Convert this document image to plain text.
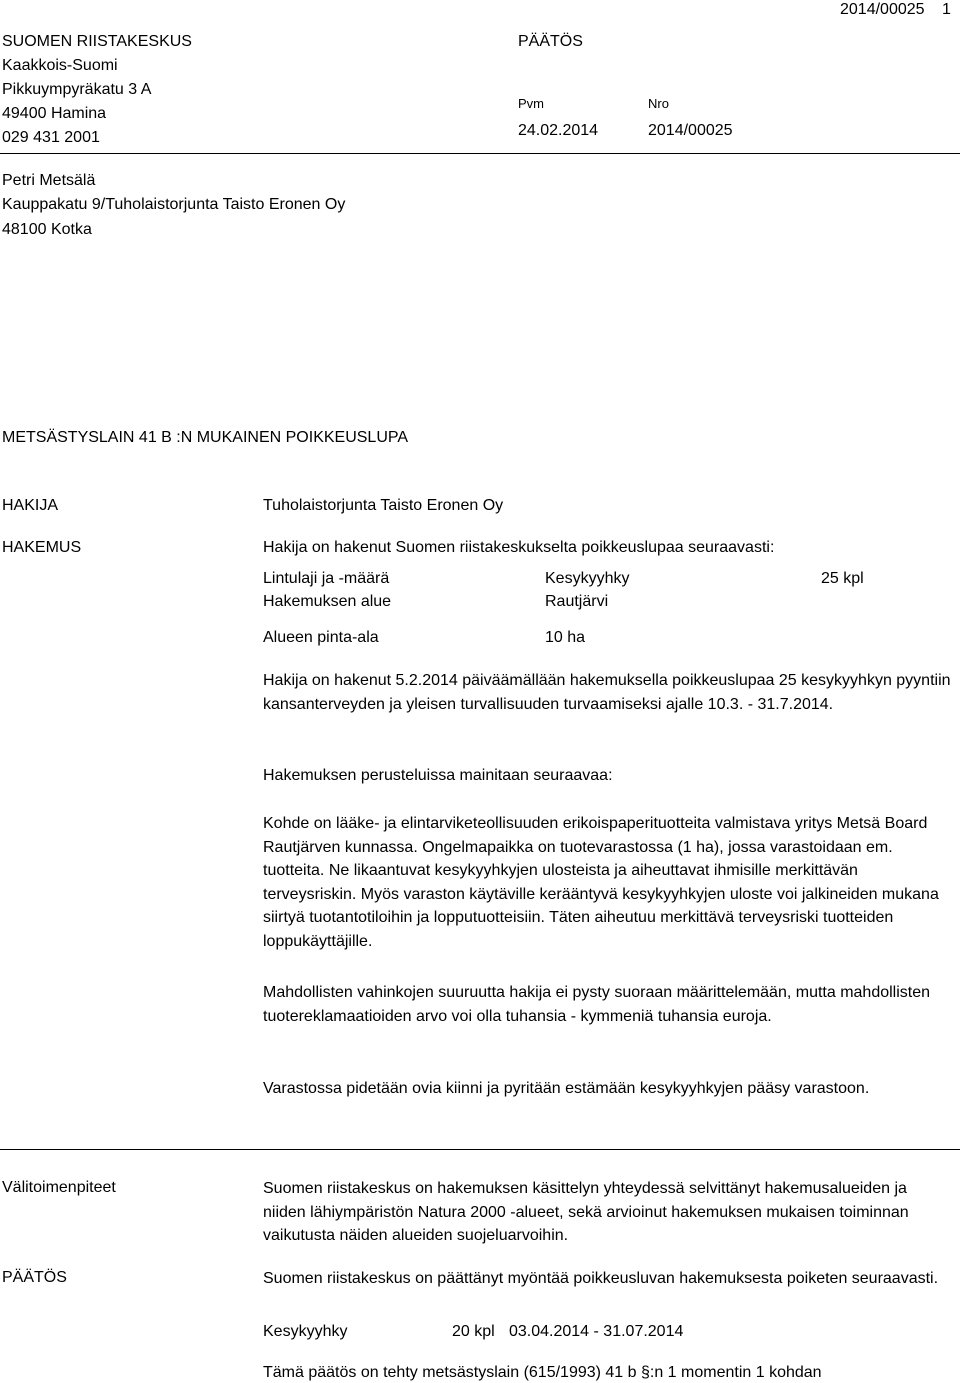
SUOMEN RIISTAKESKUS
Kaakkois-Suomi
Pikkuympyräkatu 3 A
49400 Hamina
029 431 2001
PÄÄTÖS
Pvm
24.02.2014
Nro
2014/00025
2014/00025 1
Petri Metsälä
Kauppakatu 9/Tuholaistorjunta Taisto Eronen Oy
48100 Kotka
METSÄSTYSLAIN 41 B :N MUKAINEN POIKKEUSLUPA
HAKIJA	Tuholaistorjunta Taisto Eronen Oy
HAKEMUS	Hakija on hakenut Suomen riistakeskukselta poikkeuslupaa seuraavasti:
Lintulaji ja -määrä	Kesykyyhky	25 kpl
Hakemuksen alue	Rautjärvi
Alueen pinta-ala	10 ha

Hakija on hakenut 5.2.2014 päiväämällään hakemuksella poikkeuslupaa 25 kesykyyhkyn pyyntiin kansanterveyden ja yleisen turvallisuuden turvaamiseksi ajalle 10.3. - 31.7.2014.

Hakemuksen perusteluissa mainitaan seuraavaa:

Kohde on lääke- ja elintarviketeollisuuden erikoispaperituotteita valmistava yritys Metsä Board Rautjärven kunnassa. Ongelmapaikka on tuotevarastossa (1 ha), jossa varastoidaan em. tuotteita. Ne likaantuvat kesykyyhkyjen ulosteista ja aiheuttavat ihmisille merkittävän terveysriskin. Myös varaston käytäville kerääntyvä kesykyyhkyjen uloste voi jalkineiden mukana siirtyä tuotantotiloihin ja lopputuotteisiin. Täten aiheutuu merkittävä terveysriski tuotteiden loppukäyttäjille.

Mahdollisten vahinkojen suuruutta hakija ei pysty suoraan määrittelemään, mutta mahdollisten tuotereklamaatioiden arvo voi olla tuhansia - kymmeniä tuhansia euroja.

Varastossa pidetään ovia kiinni ja pyritään estämään kesykyyhkyjen pääsy varastoon.

Välitoimenpiteet	Suomen riistakeskus on hakemuksen käsittelyn yhteydessä selvittänyt hakemusalueiden ja niiden lähiympäristön Natura 2000 -alueet, sekä arvioinut hakemuksen mukaisen toiminnan vaikutusta näiden alueiden suojeluarvoihin.

PÄÄTÖS	Suomen riistakeskus on päättänyt myöntää poikkeusluvan hakemuksesta poiketen seuraavasti.

Kesykyyhky	20 kpl 03.04.2014 - 31.07.2014
Tämä päätös on tehty metsästyslain (615/1993) 41 b §:n 1 momentin 1 kohdan
